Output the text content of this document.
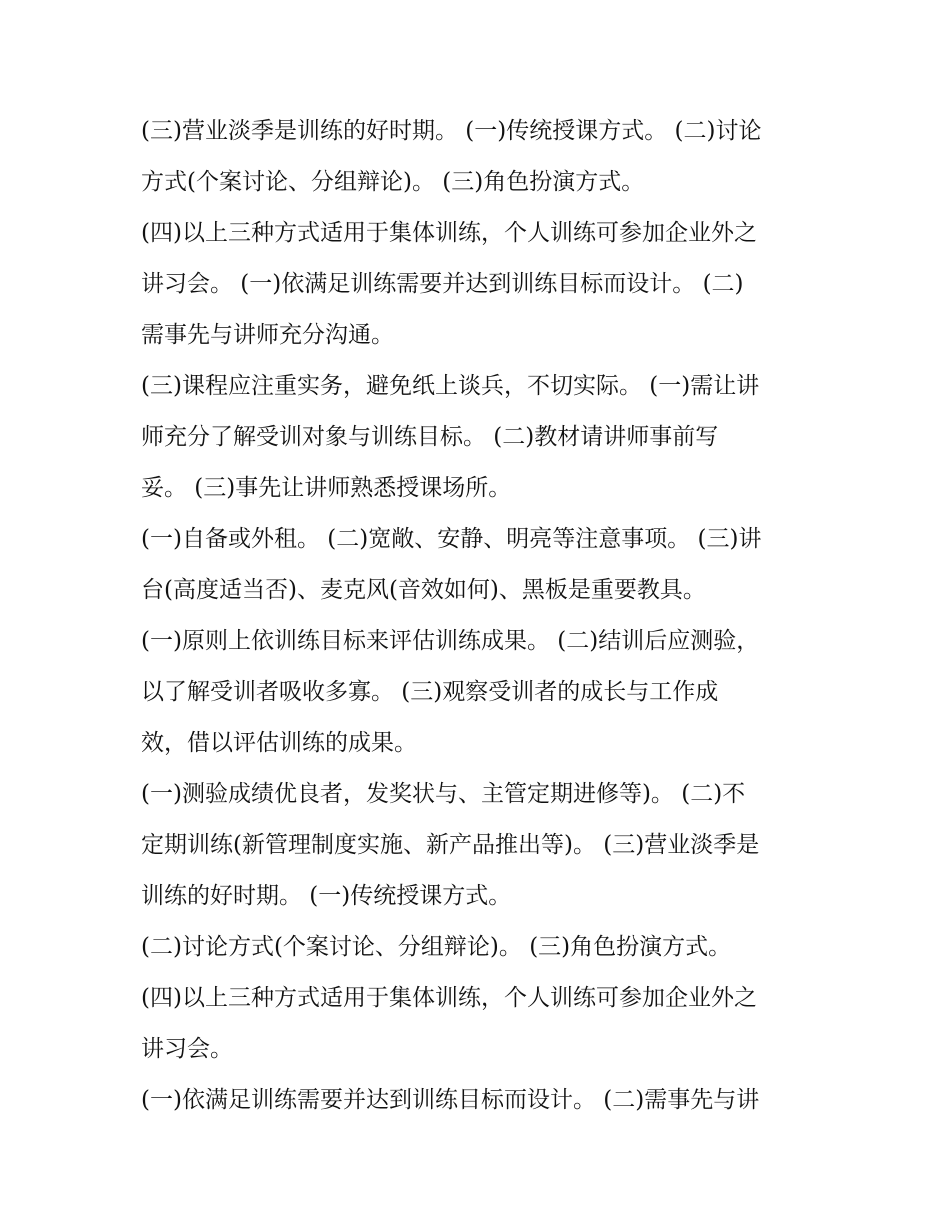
(三)营业淡季是训练的好时期。 (一)传统授课方式。 (二)讨论
方式(个案讨论、分组辩论)。 (三)角色扮演方式。
(四)以上三种方式适用于集体训练，个人训练可参加企业外之
讲习会。 (一)依满足训练需要并达到训练目标而设计。 (二)
需事先与讲师充分沟通。
(三)课程应注重实务，避免纸上谈兵，不切实际。 (一)需让讲
师充分了解受训对象与训练目标。 (二)教材请讲师事前写
妥。 (三)事先让讲师熟悉授课场所。
(一)自备或外租。 (二)宽敞、安静、明亮等注意事项。 (三)讲
台(高度适当否)、麦克风(音效如何)、黑板是重要教具。
(一)原则上依训练目标来评估训练成果。 (二)结训后应测验，
以了解受训者吸收多寡。 (三)观察受训者的成长与工作成
效，借以评估训练的成果。
(一)测验成绩优良者，发奖状与、主管定期进修等)。 (二)不
定期训练(新管理制度实施、新产品推出等)。 (三)营业淡季是
训练的好时期。 (一)传统授课方式。
(二)讨论方式(个案讨论、分组辩论)。 (三)角色扮演方式。
(四)以上三种方式适用于集体训练，个人训练可参加企业外之
讲习会。
(一)依满足训练需要并达到训练目标而设计。 (二)需事先与讲
